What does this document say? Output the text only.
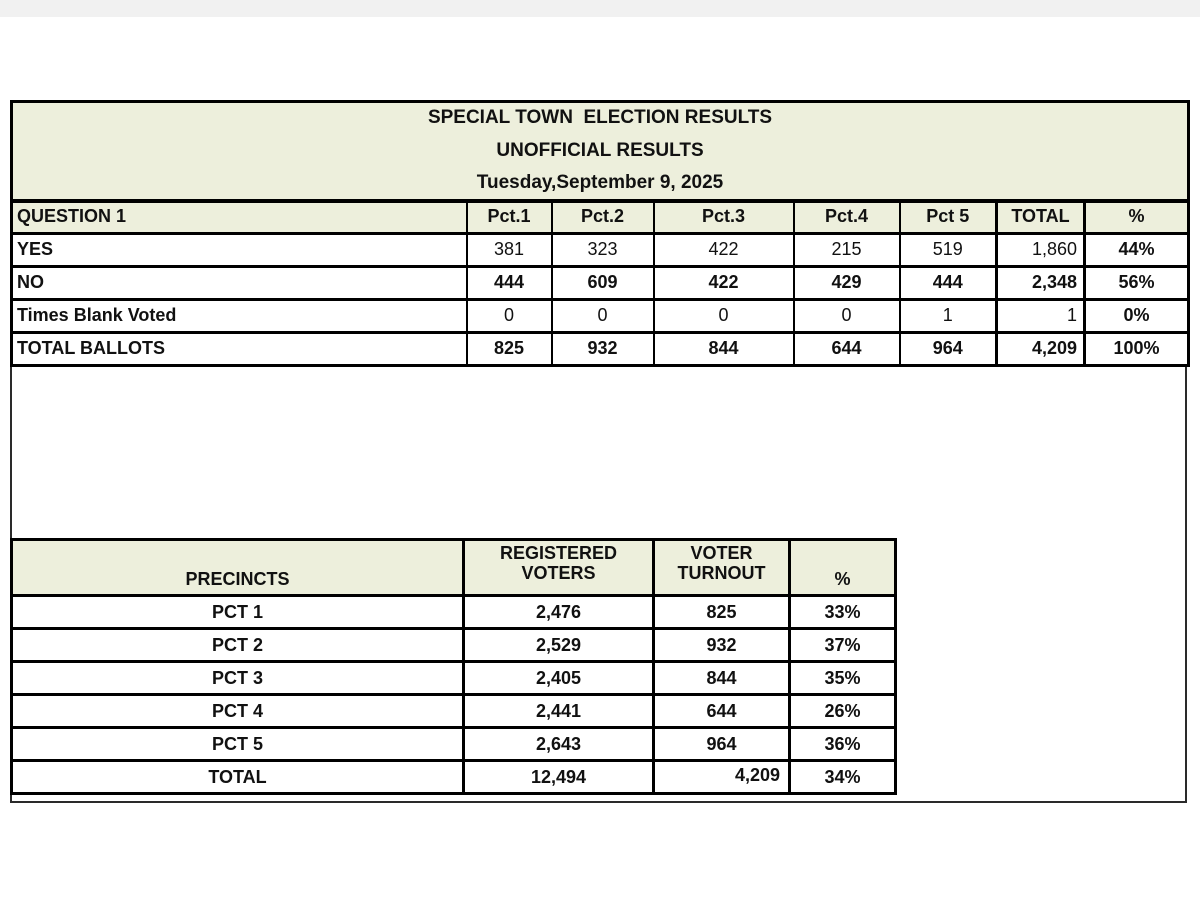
SPECIAL TOWN  ELECTION RESULTS							
UNOFFICIAL RESULTS							
Tuesday,September 9, 2025							
QUESTION 1	Pct.1	Pct.2	Pct.3	Pct.4	Pct 5	TOTAL	%
YES	381	323	422	215	519	1,860	44%
NO	444	609	422	429	444	2,348	56%
Times Blank Voted	0	0	0	0	1	1	0%
TOTAL BALLOTS	825	932	844	644	964	4,209	100%
PRECINCTS	REGISTERED VOTERS	VOTER TURNOUT	%
PCT 1	2,476	825	33%
PCT 2	2,529	932	37%
PCT 3	2,405	844	35%
PCT 4	2,441	644	26%
PCT 5	2,643	964	36%
TOTAL	12,494	4,209	34%
